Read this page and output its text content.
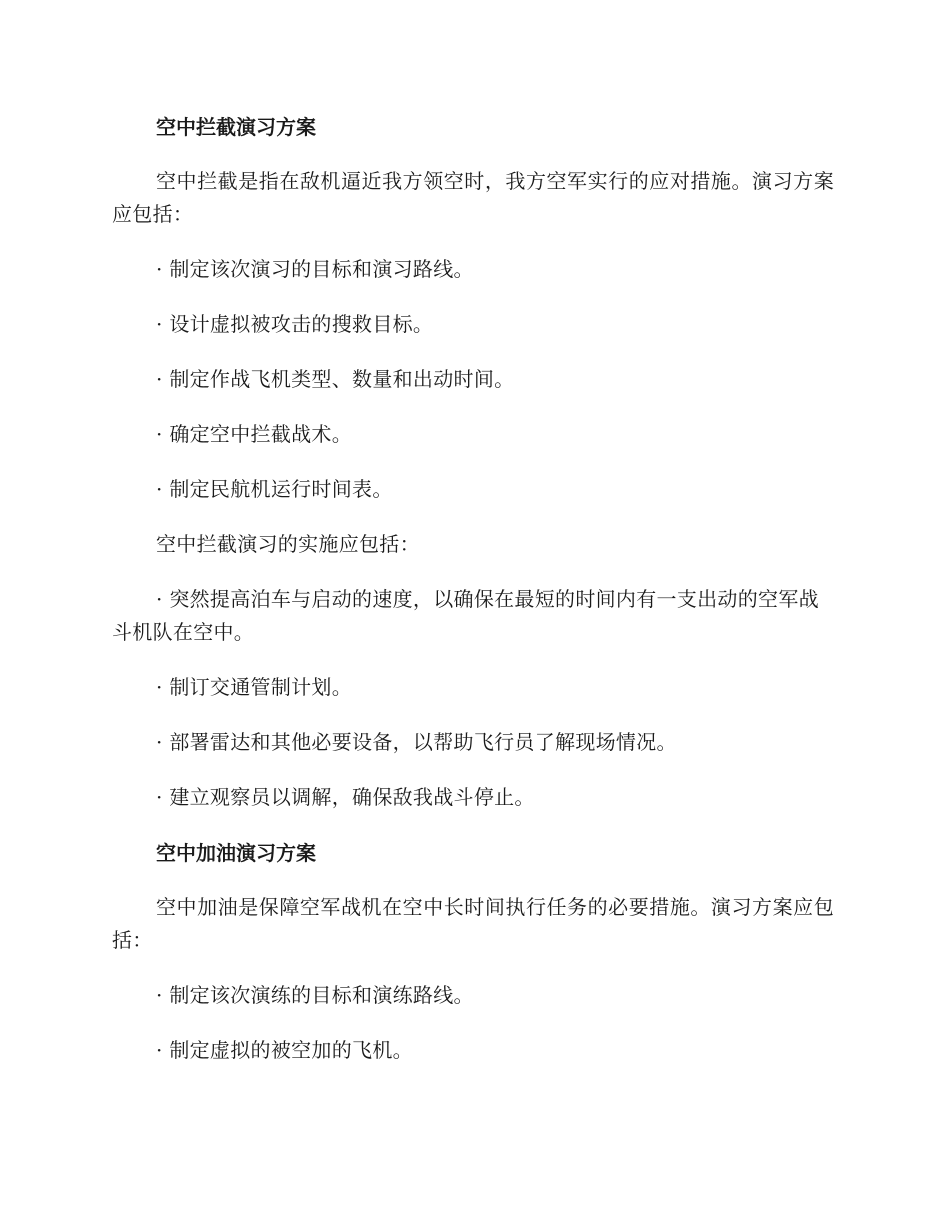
空中拦截演习方案
空中拦截是指在敌机逼近我方领空时，我方空军实行的应对措施。演习方案应包括：
· 制定该次演习的目标和演习路线。
· 设计虚拟被攻击的搜救目标。
· 制定作战飞机类型、数量和出动时间。
· 确定空中拦截战术。
· 制定民航机运行时间表。
空中拦截演习的实施应包括：
· 突然提高泊车与启动的速度，以确保在最短的时间内有一支出动的空军战斗机队在空中。
· 制订交通管制计划。
· 部署雷达和其他必要设备，以帮助飞行员了解现场情况。
· 建立观察员以调解，确保敌我战斗停止。
空中加油演习方案
空中加油是保障空军战机在空中长时间执行任务的必要措施。演习方案应包括：
· 制定该次演练的目标和演练路线。
· 制定虚拟的被空加的飞机。
